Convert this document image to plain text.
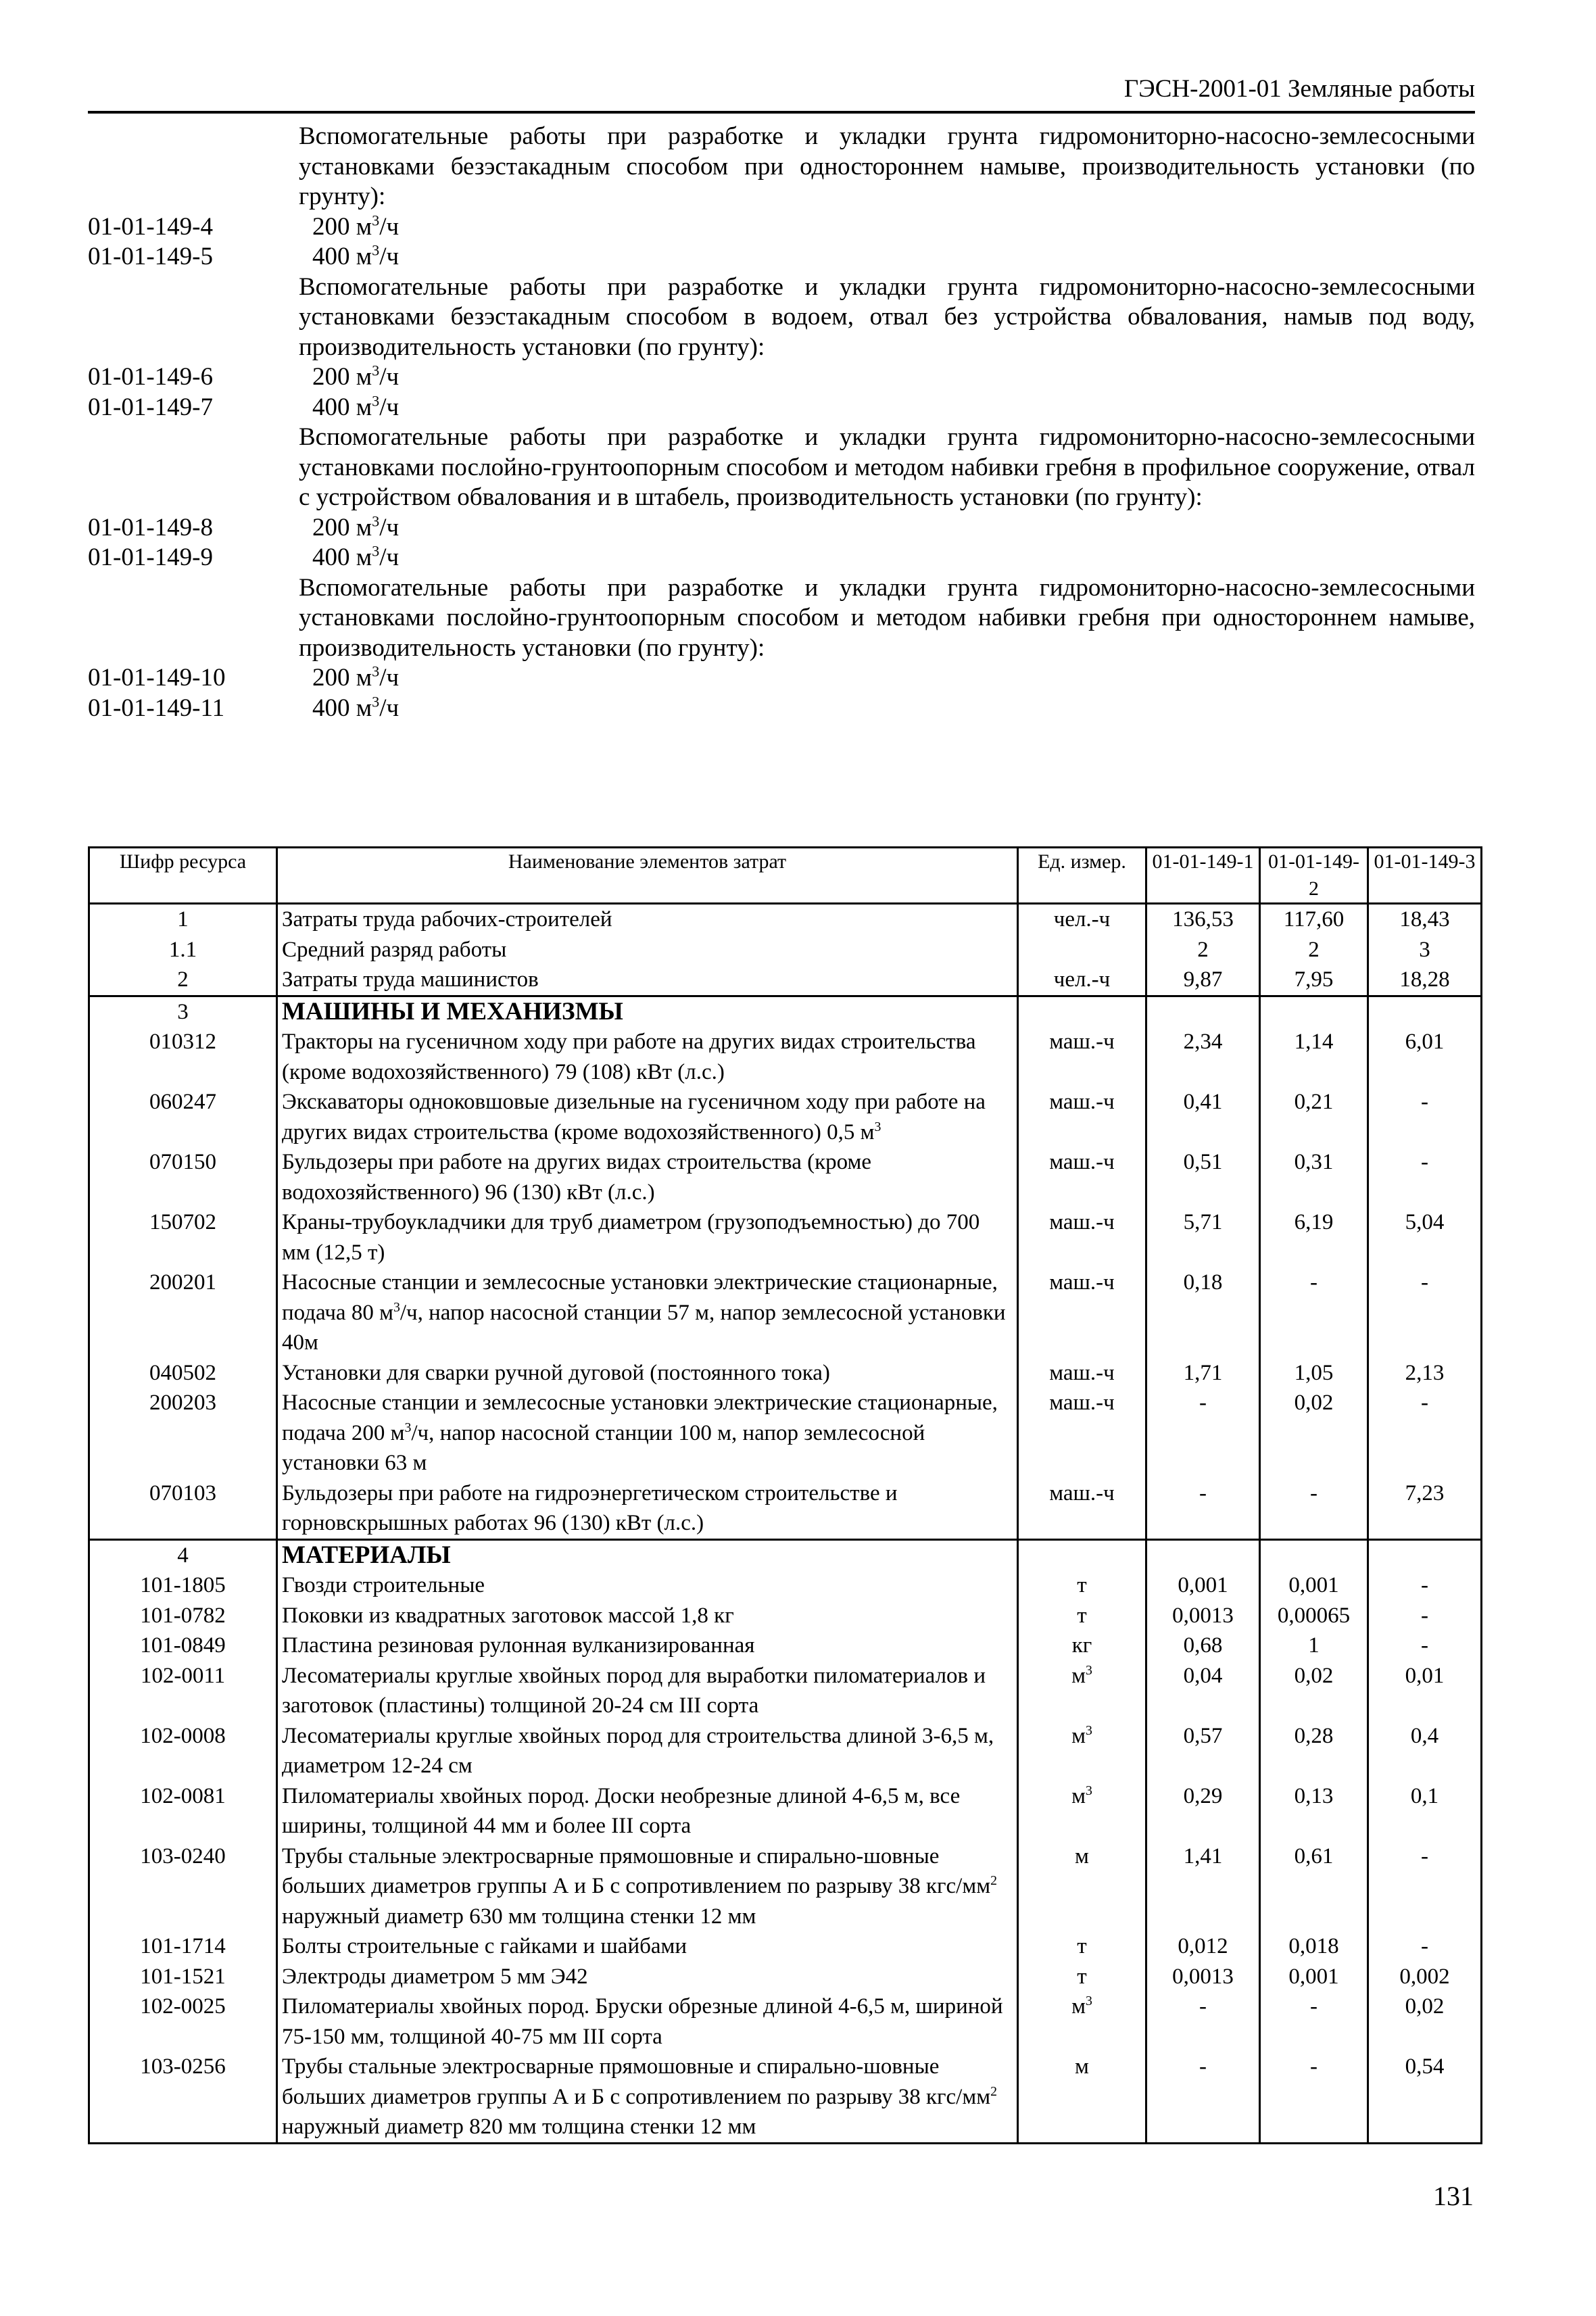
ГЭСН-2001-01 Земляные работы
Вспомогательные работы при разработке и укладки грунта гидромониторно-насосно-землесосными установками безэстакадным способом при одностороннем намыве, производительность установки (по грунту):
01-01-149-4	200 $м^3/ч$
01-01-149-5	400 $м^3/ч$
Вспомогательные работы при разработке и укладки грунта гидромониторно-насосно-землесосными установками безэстакадным способом в водоем, отвал без устройства обвалования, намыв под воду, производительность установки (по грунту):
01-01-149-6	200 $м^3/ч$
01-01-149-7	400 $м^3/ч$
Вспомогательные работы при разработке и укладки грунта гидромониторно-насосно-землесосными установками послойно-грунтоопорным способом и методом набивки гребня в профильное сооружение, отвал с устройством обвалования и в штабель, производительность установки (по грунту):
01-01-149-8	200 $м^3/ч$
01-01-149-9	400 $м^3/ч$
Вспомогательные работы при разработке и укладки грунта гидромониторно-насосно-землесосными установками послойно-грунтоопорным способом и методом набивки гребня при одностороннем намыве, производительность установки (по грунту):
01-01-149-10	200 $м^3/ч$
01-01-149-11	400 $м^3/ч$
Шифр ресурса	Наименование элементов затрат	Ед. измер.	01-01-149-1	01-01-149-2	01-01-149-3
1	Затраты труда рабочих-строителей	чел.-ч	136,53	117,60	18,43
1.1	Средний разряд работы		2	2	3
2	Затраты труда машинистов	чел.-ч	9,87	7,95	18,28
3	МАШИНЫ И МЕХАНИЗМЫ				
010312	Тракторы на гусеничном ходу при работе на других видах строительства (кроме водохозяйственного) 79 (108) кВт (л.с.)	маш.-ч	2,34	1,14	6,01
060247	Экскаваторы одноковшовые дизельные на гусеничном ходу при работе на других видах строительства (кроме водохозяйственного) 0,5 $м^3$	маш.-ч	0,41	0,21	-
070150	Бульдозеры при работе на других видах строительства (кроме водохозяйственного) 96 (130) кВт (л.с.)	маш.-ч	0,51	0,31	-
150702	Краны-трубоукладчики для труб диаметром (грузоподъемностью) до 700 мм (12,5 т)	маш.-ч	5,71	6,19	5,04
200201	Насосные станции и землесосные установки электрические стационарные, подача 80 $м^3/ч$, напор насосной станции 57 м, напор землесосной установки 40м	маш.-ч	0,18	-	-
040502	Установки для сварки ручной дуговой (постоянного тока)	маш.-ч	1,71	1,05	2,13
200203	Насосные станции и землесосные установки электрические стационарные, подача 200 $м^3/ч$, напор насосной станции 100 м, напор землесосной установки 63 м	маш.-ч	-	0,02	-
070103	Бульдозеры при работе на гидроэнергетическом строительстве и горновскрышных работах 96 (130) кВт (л.с.)	маш.-ч	-	-	7,23
4	МАТЕРИАЛЫ				
101-1805	Гвозди строительные	т	0,001	0,001	-
101-0782	Поковки из квадратных заготовок массой 1,8 кг	т	0,0013	0,00065	-
101-0849	Пластина резиновая рулонная вулканизированная	кг	0,68	1	-
102-0011	Лесоматериалы круглые хвойных пород для выработки пиломатериалов и заготовок (пластины) толщиной 20-24 см III сорта	$м^3$	0,04	0,02	0,01
102-0008	Лесоматериалы круглые хвойных пород для строительства длиной 3-6,5 м, диаметром 12-24 см	$м^3$	0,57	0,28	0,4
102-0081	Пиломатериалы хвойных пород. Доски необрезные длиной 4-6,5 м, все ширины, толщиной 44 мм и более III сорта	$м^3$	0,29	0,13	0,1
103-0240	Трубы стальные электросварные прямошовные и спирально-шовные больших диаметров группы А и Б с сопротивлением по разрыву 38 кгс/$мм^2$ наружный диаметр 630 мм толщина стенки 12 мм	м	1,41	0,61	-
101-1714	Болты строительные с гайками и шайбами	т	0,012	0,018	-
101-1521	Электроды диаметром 5 мм Э42	т	0,0013	0,001	0,002
102-0025	Пиломатериалы хвойных пород. Бруски обрезные длиной 4-6,5 м, шириной 75-150 мм, толщиной 40-75 мм III сорта	$м^3$	-	-	0,02
103-0256	Трубы стальные электросварные прямошовные и спирально-шовные больших диаметров группы А и Б с сопротивлением по разрыву 38 кгс/$мм^2$ наружный диаметр 820 мм толщина стенки 12 мм	м	-	-	0,54
131
